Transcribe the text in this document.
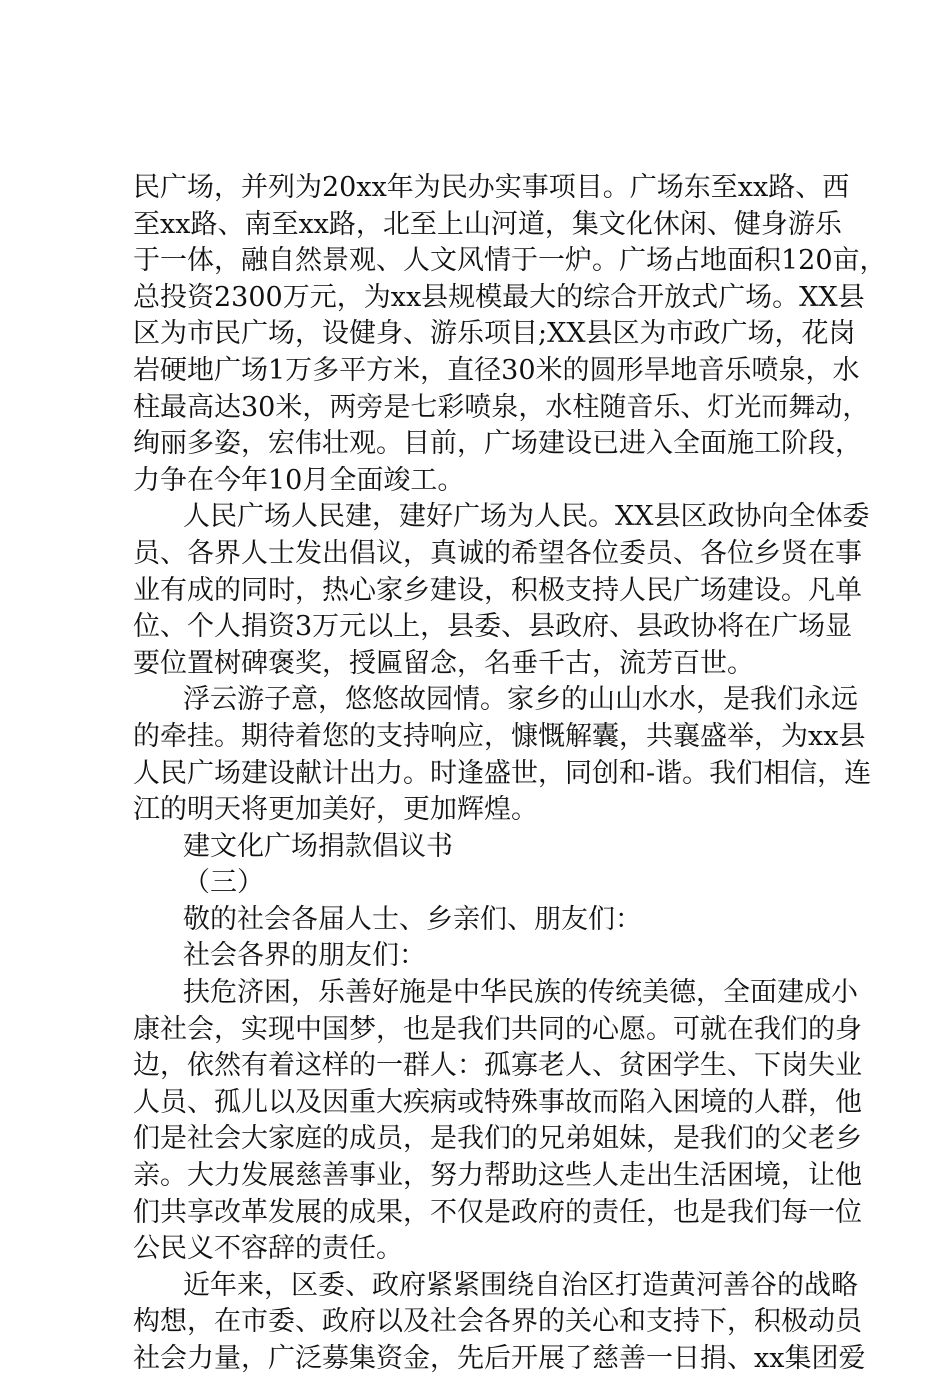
民广场，并列为20xx年为民办实事项目。广场东至xx路、西
至xx路、南至xx路，北至上山河道，集文化休闲、健身游乐
于一体，融自然景观、人文风情于一炉。广场占地面积120亩，
总投资2300万元，为xx县规模最大的综合开放式广场。XX县
区为市民广场，设健身、游乐项目;XX县区为市政广场，花岗
岩硬地广场1万多平方米，直径30米的圆形旱地音乐喷泉，水
柱最高达30米，两旁是七彩喷泉，水柱随音乐、灯光而舞动，
绚丽多姿，宏伟壮观。目前，广场建设已进入全面施工阶段，
力争在今年10月全面竣工。
人民广场人民建，建好广场为人民。XX县区政协向全体委
员、各界人士发出倡议，真诚的希望各位委员、各位乡贤在事
业有成的同时，热心家乡建设，积极支持人民广场建设。凡单
位、个人捐资3万元以上，县委、县政府、县政协将在广场显
要位置树碑褒奖，授匾留念，名垂千古，流芳百世。
浮云游子意，悠悠故园情。家乡的山山水水，是我们永远
的牵挂。期待着您的支持响应，慷慨解囊，共襄盛举，为xx县
人民广场建设献计出力。时逢盛世，同创和-谐。我们相信，连
江的明天将更加美好，更加辉煌。
建文化广场捐款倡议书
（三）
敬的社会各届人士、乡亲们、朋友们：
社会各界的朋友们：
扶危济困，乐善好施是中华民族的传统美德，全面建成小
康社会，实现中国梦，也是我们共同的心愿。可就在我们的身
边，依然有着这样的一群人：孤寡老人、贫困学生、下岗失业
人员、孤儿以及因重大疾病或特殊事故而陷入困境的人群，他
们是社会大家庭的成员，是我们的兄弟姐妹，是我们的父老乡
亲。大力发展慈善事业，努力帮助这些人走出生活困境，让他
们共享改革发展的成果，不仅是政府的责任，也是我们每一位
公民义不容辞的责任。
近年来，区委、政府紧紧围绕自治区打造黄河善谷的战略
构想，在市委、政府以及社会各界的关心和支持下，积极动员
社会力量，广泛募集资金，先后开展了慈善一日捐、xx集团爱
